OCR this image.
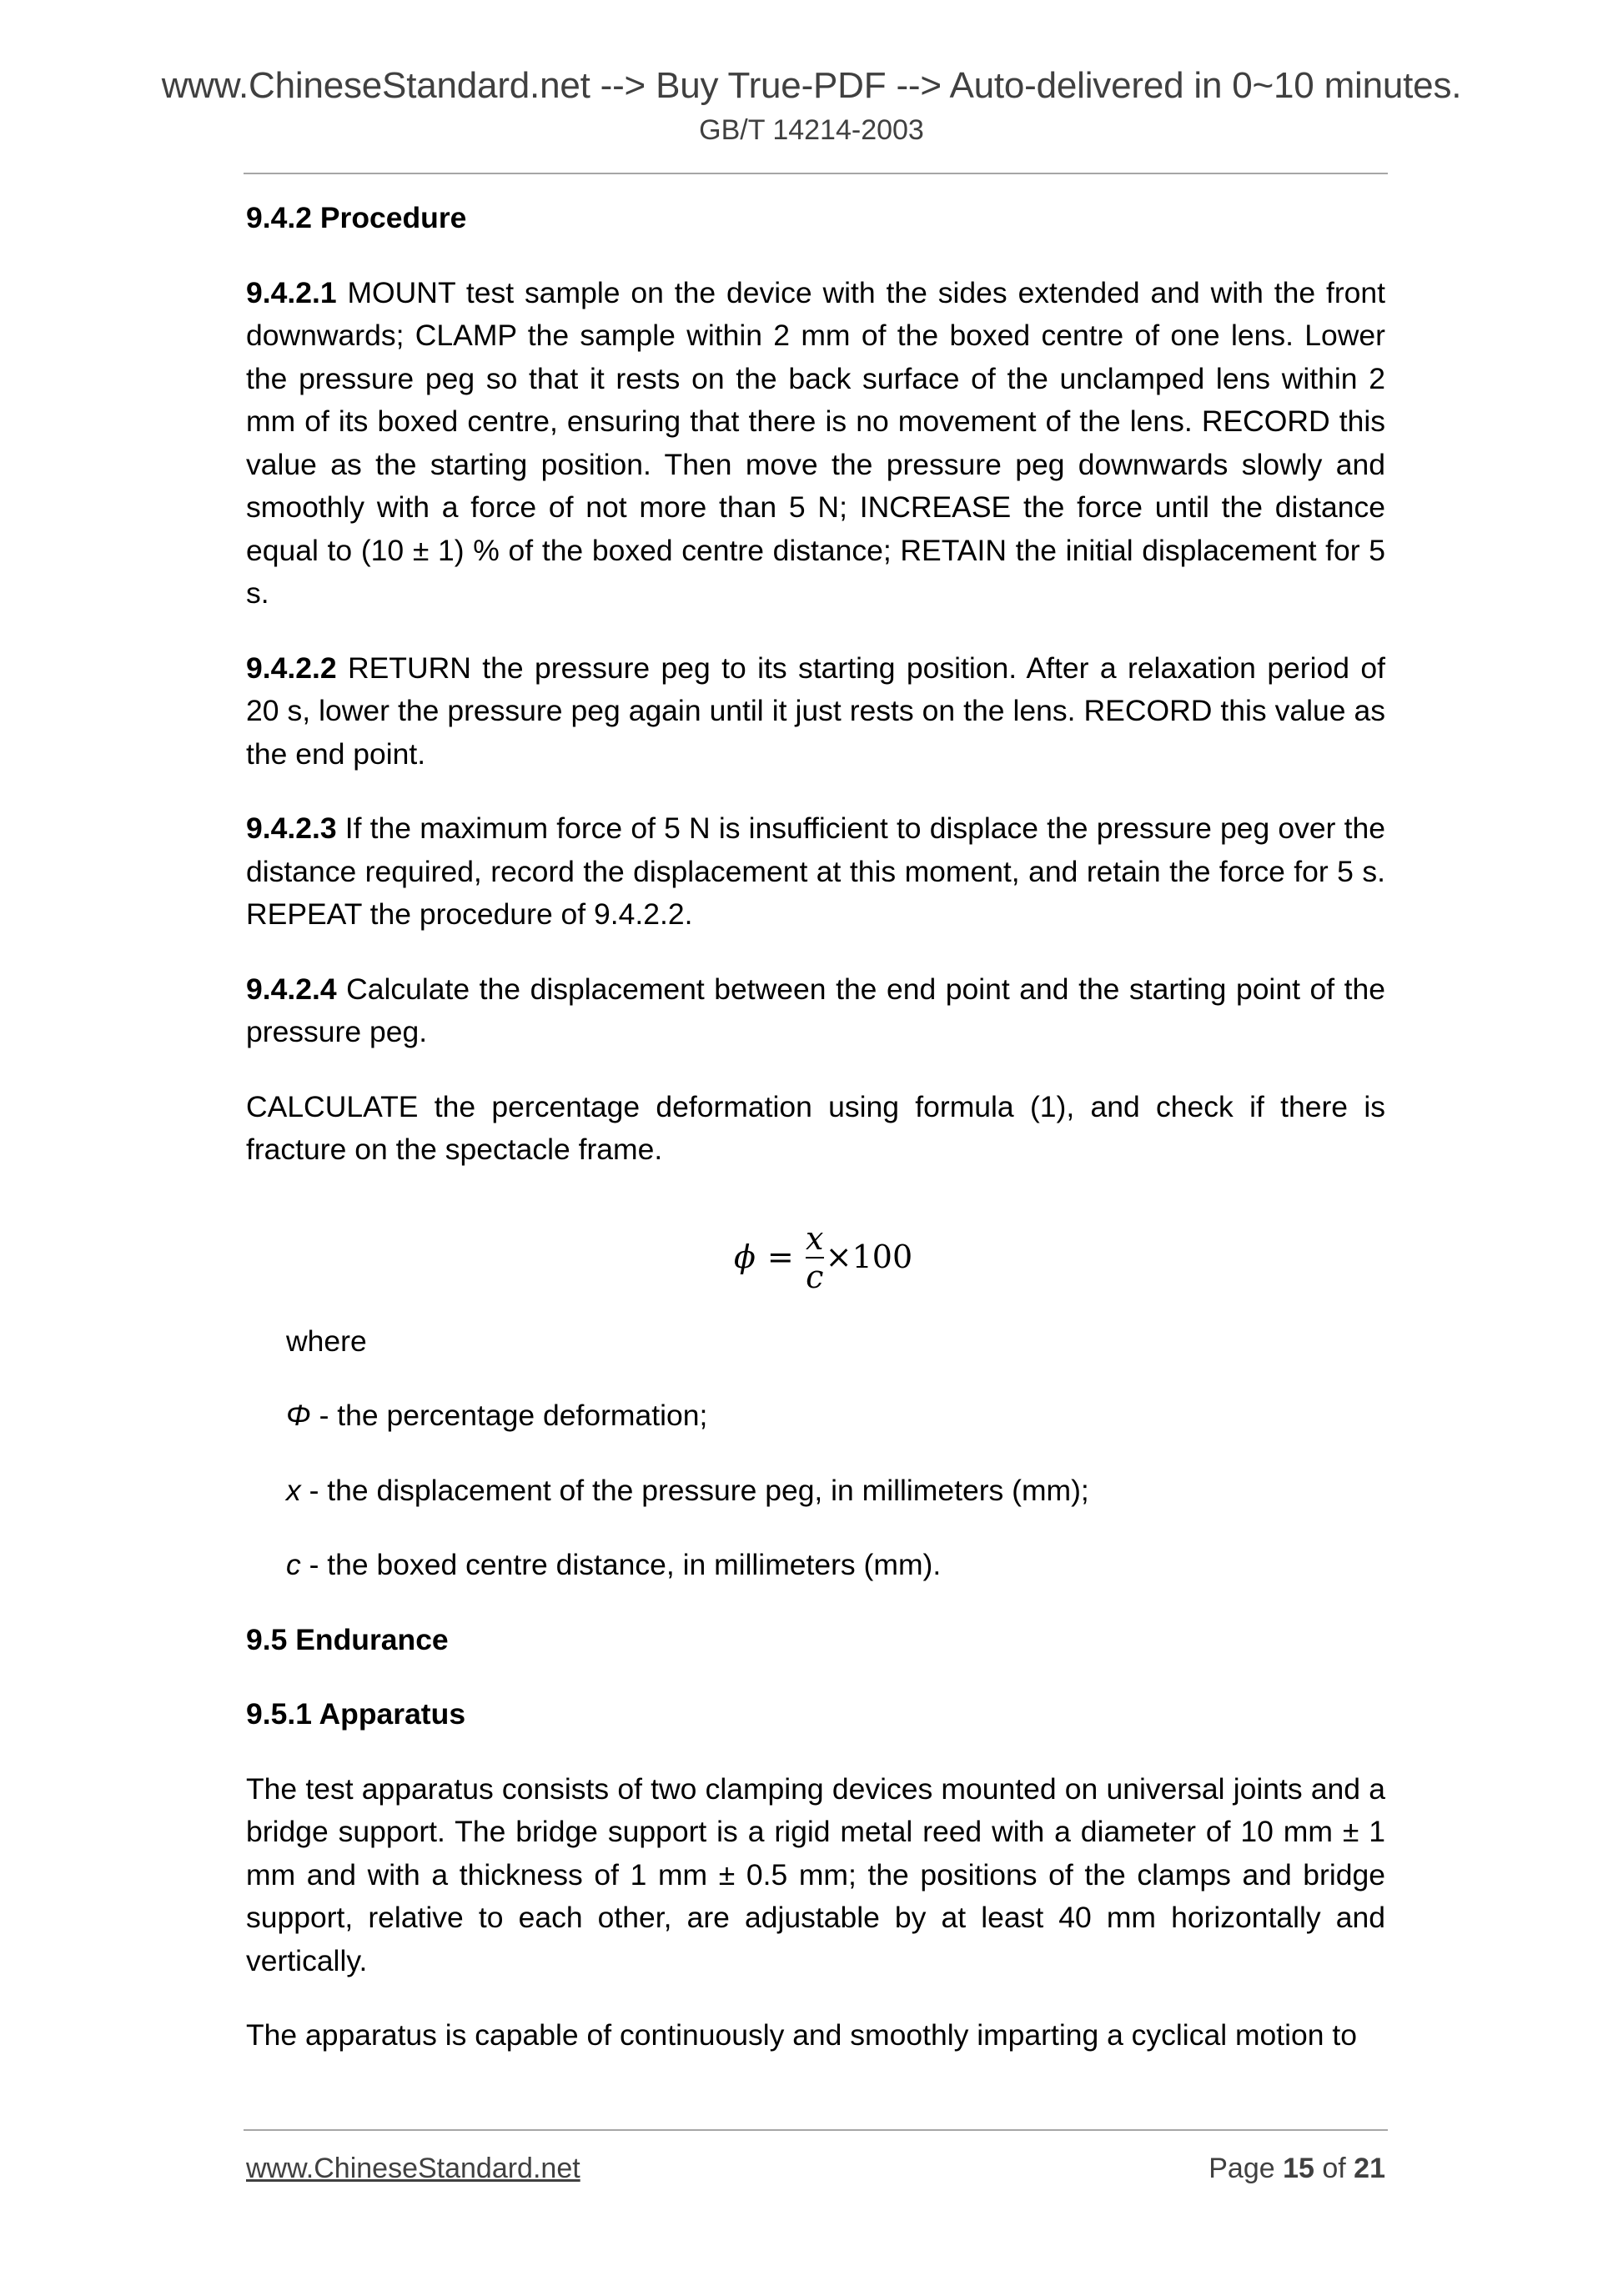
www.ChineseStandard.net --> Buy True-PDF --> Auto-delivered in 0~10 minutes.
GB/T 14214-2003
9.4.2 Procedure

9.4.2.1 MOUNT test sample on the device with the sides extended and with the front downwards; CLAMP the sample within 2 mm of the boxed centre of one lens. Lower the pressure peg so that it rests on the back surface of the unclamped lens within 2 mm of its boxed centre, ensuring that there is no movement of the lens. RECORD this value as the starting position. Then move the pressure peg downwards slowly and smoothly with a force of not more than 5 N; INCREASE the force until the distance equal to (10 ± 1) % of the boxed centre distance; RETAIN the initial displacement for 5 s.

9.4.2.2 RETURN the pressure peg to its starting position. After a relaxation period of 20 s, lower the pressure peg again until it just rests on the lens. RECORD this value as the end point.

9.4.2.3 If the maximum force of 5 N is insufficient to displace the pressure peg over the distance required, record the displacement at this moment, and retain the force for 5 s. REPEAT the procedure of 9.4.2.2.

9.4.2.4 Calculate the displacement between the end point and the starting point of the pressure peg.

CALCULATE the percentage deformation using formula (1), and check if there is fracture on the spectacle frame.

$\phi = \frac{x}{c} \times 100$

where

Φ - the percentage deformation;

x - the displacement of the pressure peg, in millimeters (mm);

c - the boxed centre distance, in millimeters (mm).

9.5 Endurance
9.5.1 Apparatus

The test apparatus consists of two clamping devices mounted on universal joints and a bridge support. The bridge support is a rigid metal reed with a diameter of 10 mm ± 1 mm and with a thickness of 1 mm ± 0.5 mm; the positions of the clamps and bridge support, relative to each other, are adjustable by at least 40 mm horizontally and vertically.

The apparatus is capable of continuously and smoothly imparting a cyclical motion to

www.ChineseStandard.net	Page 15 of 21
